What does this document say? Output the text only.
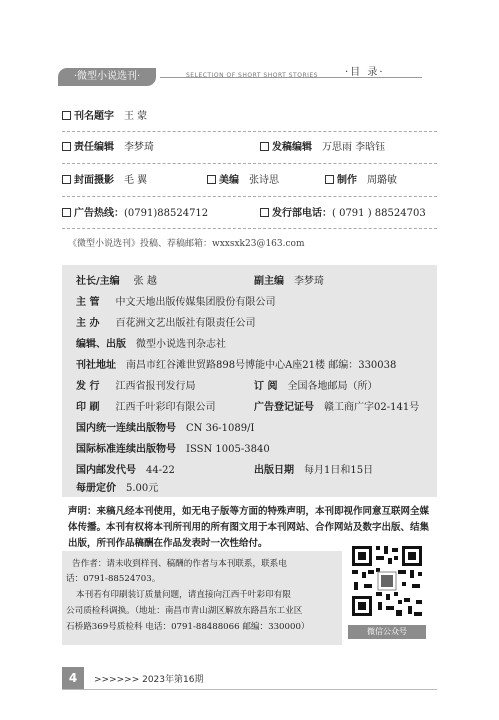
·微型小说选刊·	SELECTION OF SHORT SHORT STORIES	·目 录·
刊名题字 王 蒙
责任编辑 李梦琦	发稿编辑 万思雨 李晗钰
封面摄影 毛 翼	美编 张诗思	制作 周璐敏
广告热线：(0791)88524712	发行部电话：( 0791 ) 88524703
《微型小说选刊》投稿、荐稿邮箱：wxxsxk23@163.com
社长/主编 张 越	副主编 李梦琦
主 管 中文天地出版传媒集团股份有限公司
主 办 百花洲文艺出版社有限责任公司
编辑、出版 微型小说选刊杂志社
刊社地址 南昌市红谷滩世贸路898号博能中心A座21楼 邮编：330038
发 行 江西省报刊发行局	订 阅 全国各地邮局（所）
印 刷 江西千叶彩印有限公司	广告登记证号 赣工商广字02-141号
国内统一连续出版物号 CN 36-1089/I
国际标准连续出版物号 ISSN 1005-3840
国内邮发代号 44-22	出版日期 每月1日和15日
每册定价 5.00元
声明：来稿凡经本刊使用，如无电子版等方面的特殊声明，本刊即视作同意互联网全媒体传播。本刊有权将本刊所刊用的所有图文用于本刊网站、合作网站及数字出版、结集出版，所刊作品稿酬在作品发表时一次性给付。
告作者：请未收到样刊、稿酬的作者与本刊联系，联系电
话：0791-88524703。
本刊若有印刷装订质量问题，请直接向江西千叶彩印有限
公司质检科调换。（地址：南昌市青山湖区解放东路昌东工业区
石桥路369号质检科 电话：0791-88488066 邮编：330000）	微信公众号
4	>>>>>> 2023年第16期
